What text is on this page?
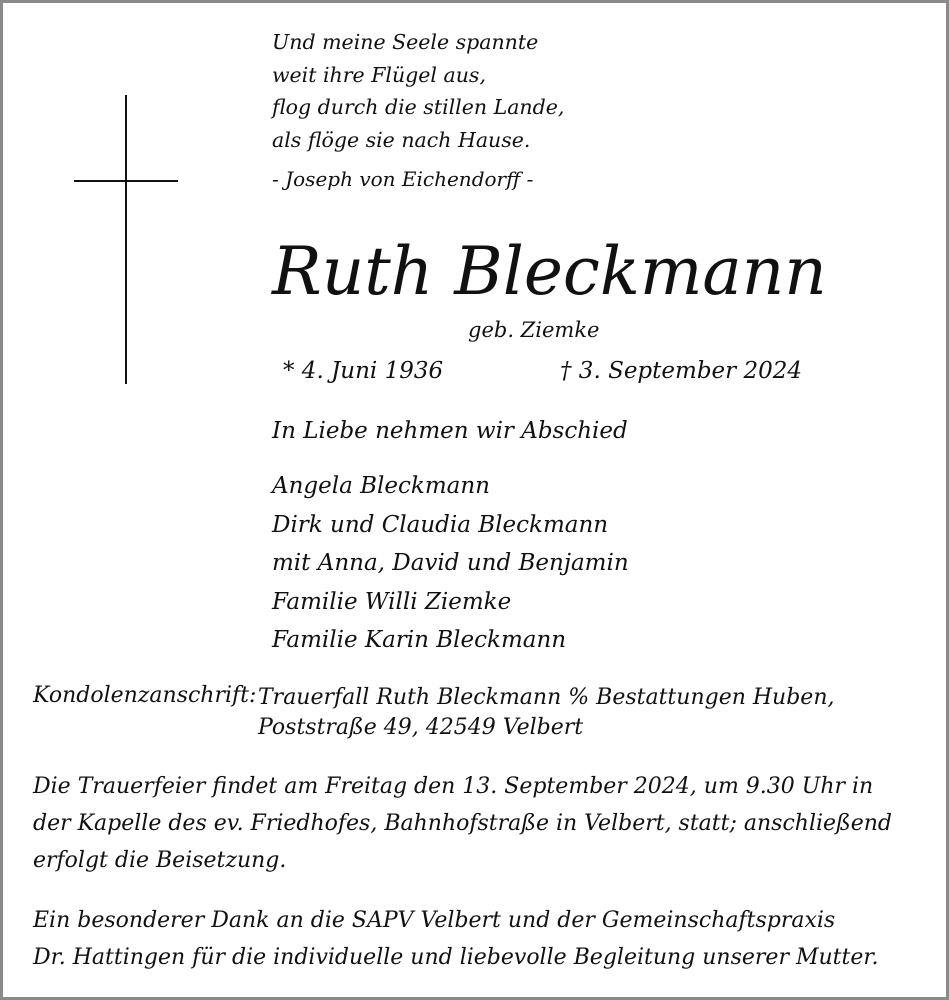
Und meine Seele spannte
weit ihre Flügel aus,
flog durch die stillen Lande,
als flöge sie nach Hause.
- Joseph von Eichendorff -
Ruth Bleckmann
geb. Ziemke
* 4. Juni 1936	† 3. September 2024
In Liebe nehmen wir Abschied
Angela Bleckmann
Dirk und Claudia Bleckmann
mit Anna, David und Benjamin
Familie Willi Ziemke
Familie Karin Bleckmann
Kondolenzanschrift: Trauerfall Ruth Bleckmann % Bestattungen Huben,
Poststraße 49, 42549 Velbert
Die Trauerfeier findet am Freitag den 13. September 2024, um 9.30 Uhr in
der Kapelle des ev. Friedhofes, Bahnhofstraße in Velbert, statt; anschließend
erfolgt die Beisetzung.
Ein besonderer Dank an die SAPV Velbert und der Gemeinschaftspraxis
Dr. Hattingen für die individuelle und liebevolle Begleitung unserer Mutter.
